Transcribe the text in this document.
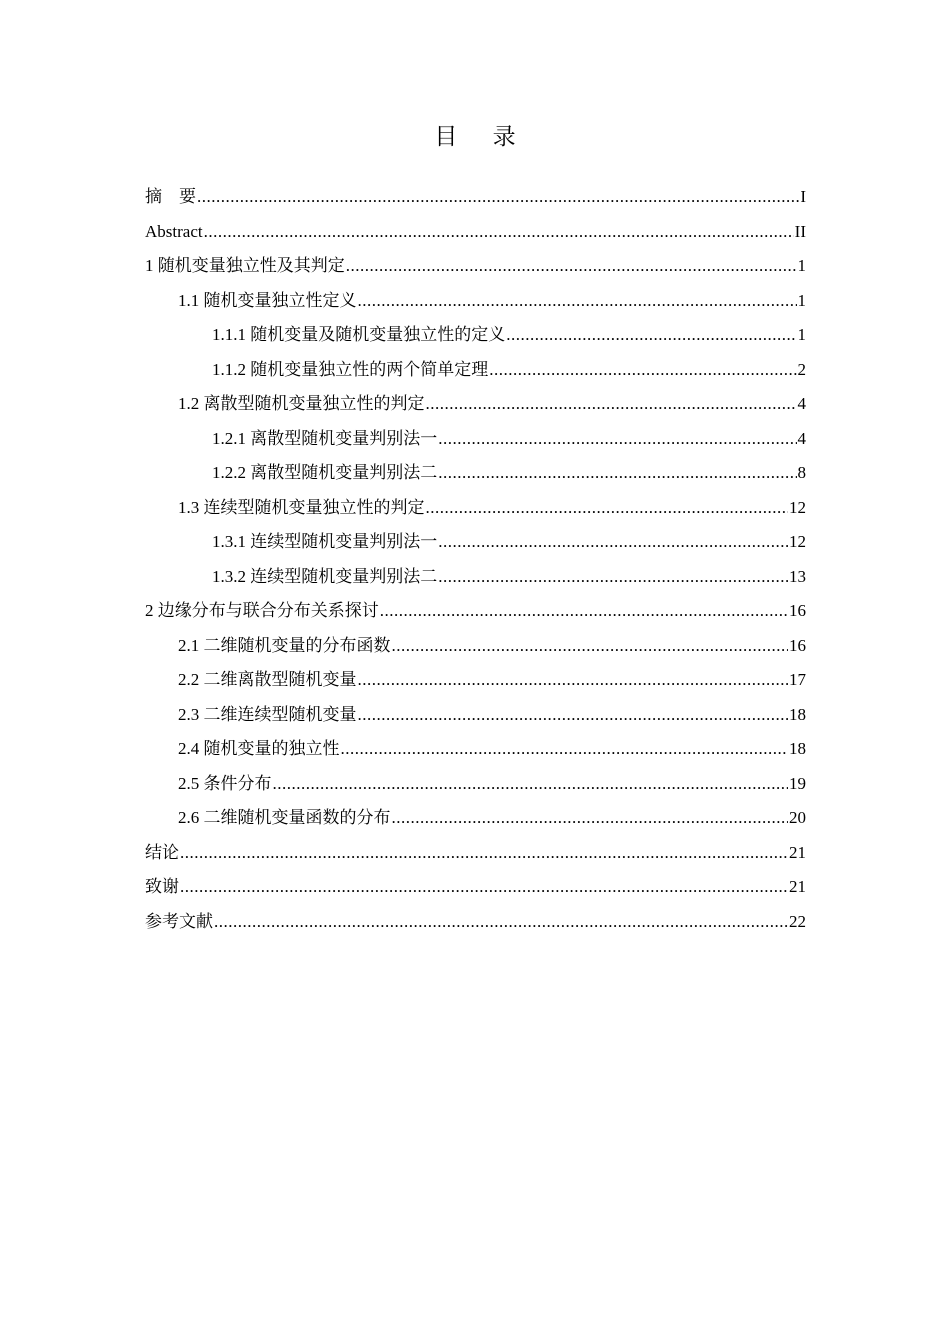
目 录
摘　要 .....	I
Abstract .....	II
1 随机变量独立性及其判定 .....	1
1.1 随机变量独立性定义 .....	1
1.1.1 随机变量及随机变量独立性的定义 .....	1
1.1.2 随机变量独立性的两个简单定理 .....	2
1.2 离散型随机变量独立性的判定 .....	4
1.2.1 离散型随机变量判别法一 .....	4
1.2.2 离散型随机变量判别法二 .....	8
1.3 连续型随机变量独立性的判定 .....	12
1.3.1 连续型随机变量判别法一 .....	12
1.3.2 连续型随机变量判别法二 .....	13
2 边缘分布与联合分布关系探讨 .....	16
2.1 二维随机变量的分布函数 .....	16
2.2 二维离散型随机变量 .....	17
2.3 二维连续型随机变量 .....	18
2.4 随机变量的独立性 .....	18
2.5 条件分布 .....	19
2.6 二维随机变量函数的分布 .....	20
结论 .....	21
致谢 .....	21
参考文献 .....	22
